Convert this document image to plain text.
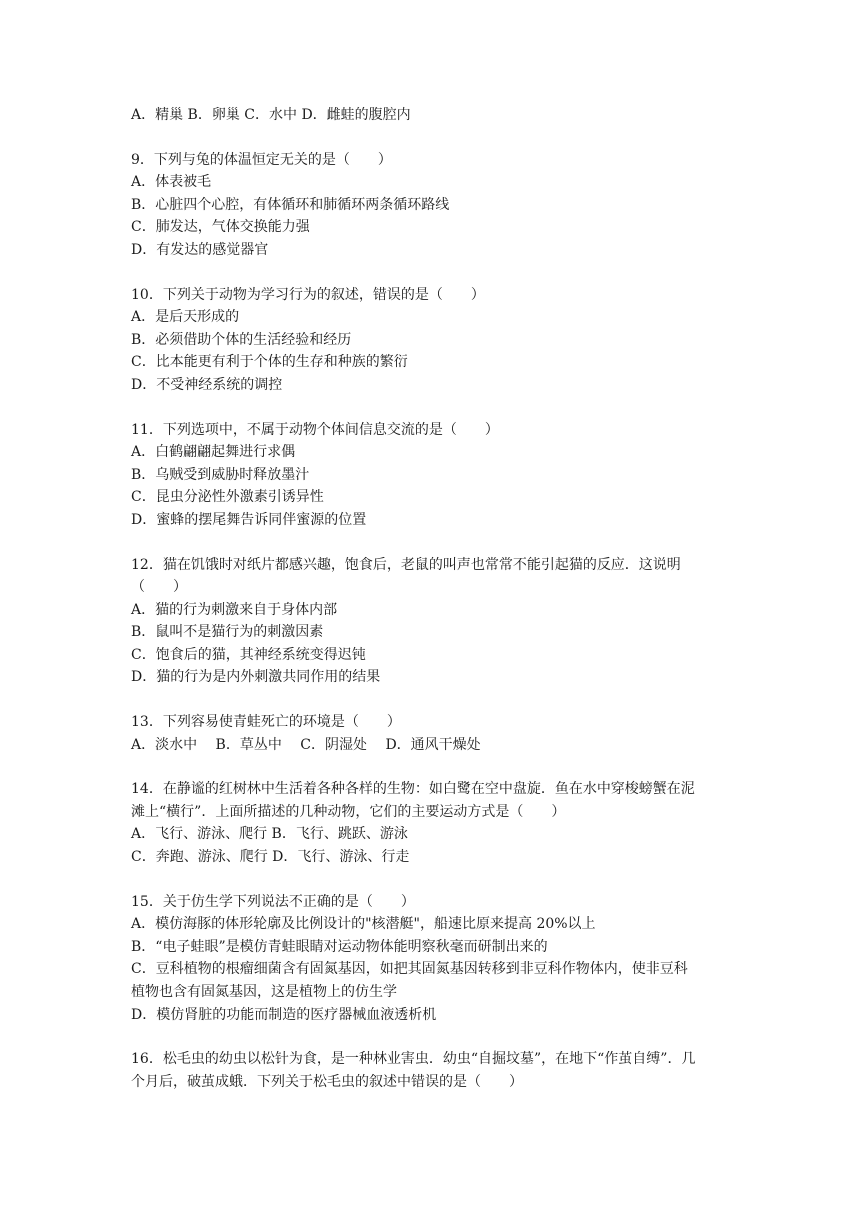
A．精巢 B．卵巢 C．水中 D．雌蛙的腹腔内
9．下列与兔的体温恒定无关的是（　　）
A．体表被毛
B．心脏四个心腔，有体循环和肺循环两条循环路线
C．肺发达，气体交换能力强
D．有发达的感觉器官
10．下列关于动物为学习行为的叙述，错误的是（　　）
A．是后天形成的
B．必须借助个体的生活经验和经历
C．比本能更有利于个体的生存和种族的繁衍
D．不受神经系统的调控
11．下列选项中，不属于动物个体间信息交流的是（　　）
A．白鹤翩翩起舞进行求偶
B．乌贼受到威胁时释放墨汁
C．昆虫分泌性外激素引诱异性
D．蜜蜂的摆尾舞告诉同伴蜜源的位置
12．猫在饥饿时对纸片都感兴趣，饱食后，老鼠的叫声也常常不能引起猫的反应．这说明
（　　）
A．猫的行为刺激来自于身体内部
B．鼠叫不是猫行为的刺激因素
C．饱食后的猫，其神经系统变得迟钝
D．猫的行为是内外刺激共同作用的结果
13．下列容易使青蛙死亡的环境是（　　）
A．淡水中　 B．草丛中　 C．阴湿处　 D．通风干燥处
14．在静谧的红树林中生活着各种各样的生物：如白鹭在空中盘旋．鱼在水中穿梭螃蟹在泥
滩上“横行”．上面所描述的几种动物，它们的主要运动方式是（　　）
A．飞行、游泳、爬行 B．飞行、跳跃、游泳
C．奔跑、游泳、爬行 D．飞行、游泳、行走
15．关于仿生学下列说法不正确的是（　　）
A．模仿海豚的体形轮廓及比例设计的"核潜艇"，船速比原来提高 20%以上
B．“电子蛙眼”是模仿青蛙眼睛对运动物体能明察秋毫而研制出来的
C．豆科植物的根瘤细菌含有固氮基因，如把其固氮基因转移到非豆科作物体内，使非豆科
植物也含有固氮基因，这是植物上的仿生学
D．模仿肾脏的功能而制造的医疗器械血液透析机
16．松毛虫的幼虫以松针为食，是一种林业害虫．幼虫“自掘坟墓”，在地下“作茧自缚”．几
个月后，破茧成蛾．下列关于松毛虫的叙述中错误的是（　　）
